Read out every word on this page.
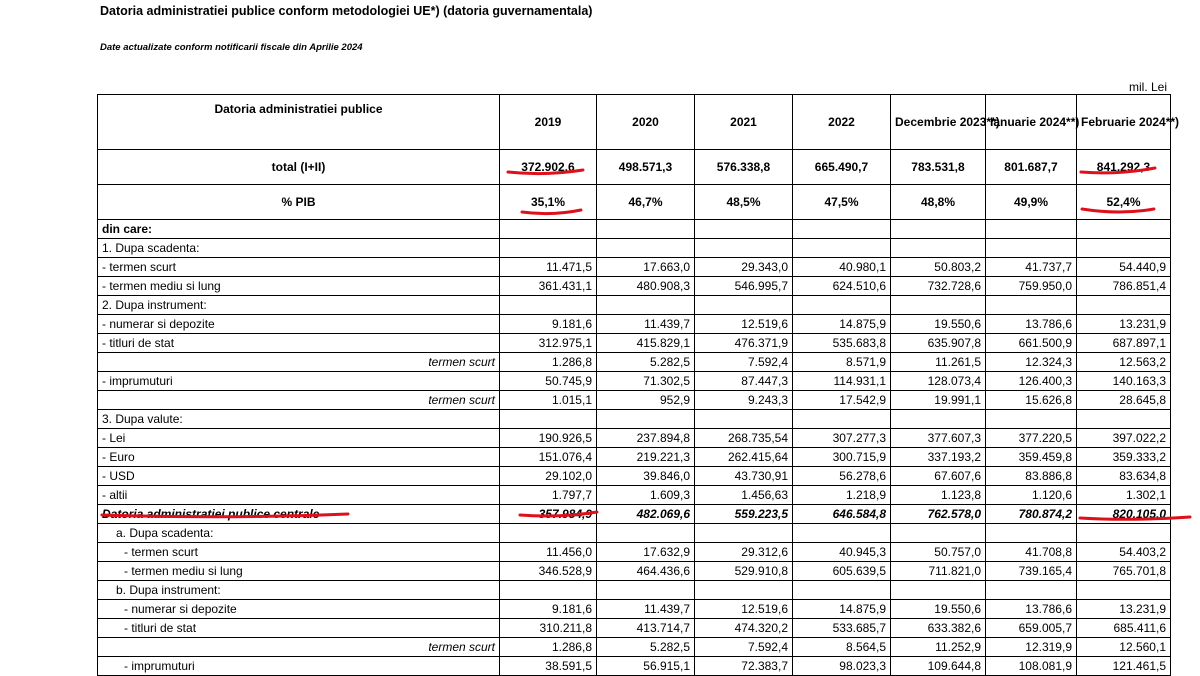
Datoria administratiei publice conform metodologiei UE*) (datoria guvernamentala)
Date actualizate conform notificarii fiscale din Aprilie 2024
mil. Lei
Datoria administratiei publice	2019	2020	2021	2022	Decembrie 2023**)	Ianuarie 2024**)	Februarie 2024**)
total (I+II)	372.902,6	498.571,3	576.338,8	665.490,7	783.531,8	801.687,7	841.292,3
% PIB	35,1%	46,7%	48,5%	47,5%	48,8%	49,9%	52,4%
din care:							
1. Dupa scadenta:							
- termen scurt	11.471,5	17.663,0	29.343,0	40.980,1	50.803,2	41.737,7	54.440,9
- termen mediu si lung	361.431,1	480.908,3	546.995,7	624.510,6	732.728,6	759.950,0	786.851,4
2. Dupa instrument:							
- numerar si depozite	9.181,6	11.439,7	12.519,6	14.875,9	19.550,6	13.786,6	13.231,9
- titluri de stat	312.975,1	415.829,1	476.371,9	535.683,8	635.907,8	661.500,9	687.897,1
termen scurt	1.286,8	5.282,5	7.592,4	8.571,9	11.261,5	12.324,3	12.563,2
- imprumuturi	50.745,9	71.302,5	87.447,3	114.931,1	128.073,4	126.400,3	140.163,3
termen scurt	1.015,1	952,9	9.243,3	17.542,9	19.991,1	15.626,8	28.645,8
3. Dupa valute:							
- Lei	190.926,5	237.894,8	268.735,54	307.277,3	377.607,3	377.220,5	397.022,2
- Euro	151.076,4	219.221,3	262.415,64	300.715,9	337.193,2	359.459,8	359.333,2
- USD	29.102,0	39.846,0	43.730,91	56.278,6	67.607,6	83.886,8	83.634,8
- altii	1.797,7	1.609,3	1.456,63	1.218,9	1.123,8	1.120,6	1.302,1
Datoria administratiei publice centrale	357.984,9	482.069,6	559.223,5	646.584,8	762.578,0	780.874,2	820.105,0
a. Dupa scadenta:							
- termen scurt	11.456,0	17.632,9	29.312,6	40.945,3	50.757,0	41.708,8	54.403,2
- termen mediu si lung	346.528,9	464.436,6	529.910,8	605.639,5	711.821,0	739.165,4	765.701,8
b. Dupa instrument:							
- numerar si depozite	9.181,6	11.439,7	12.519,6	14.875,9	19.550,6	13.786,6	13.231,9
- titluri de stat	310.211,8	413.714,7	474.320,2	533.685,7	633.382,6	659.005,7	685.411,6
termen scurt	1.286,8	5.282,5	7.592,4	8.564,5	11.252,9	12.319,9	12.560,1
- imprumuturi	38.591,5	56.915,1	72.383,7	98.023,3	109.644,8	108.081,9	121.461,5
